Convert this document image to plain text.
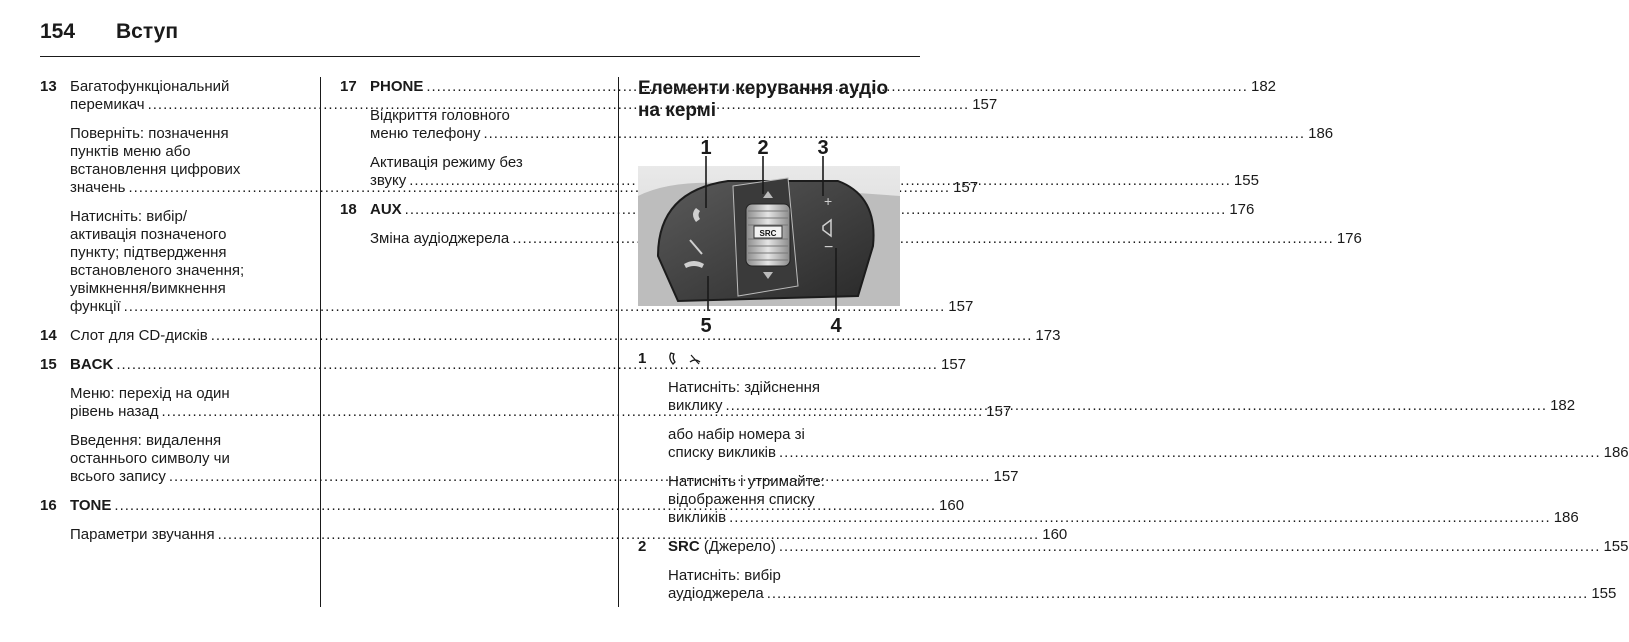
154	Вступ
13 Багатофункціональний
перемикач .....	157
Поверніть: позначення
пунктів меню або
встановлення цифрових
значень .....	157
Натисніть: вибір/
активація позначеного
пункту; підтвердження
встановленого значення;
увімкнення/вимкнення
функції .....	157
14 Слот для CD-дисків .....	173
15 BACK .....	157
Меню: перехід на один
рівень назад .....	157
Введення: видалення
останнього символу чи
всього запису .....	157
16 TONE .....	160
Параметри звучання .....	160
17 PHONE .....	182
Відкриття головного
меню телефону .....	186
Активація режиму без
звуку .....	155
18 AUX .....	176
Зміна аудіоджерела .....	176
Елементи керування аудіо на кермі
SRC
+
−
1 2 3
4
5
1
Натисніть: здійснення
виклику .....	182
або набір номера зі
списку викликів .....	186
Натисніть і утримайте:
відображення списку
викликів .....	186
2	SRC (Джерело) .....	155
Натисніть: вибір
аудіоджерела .....	155
